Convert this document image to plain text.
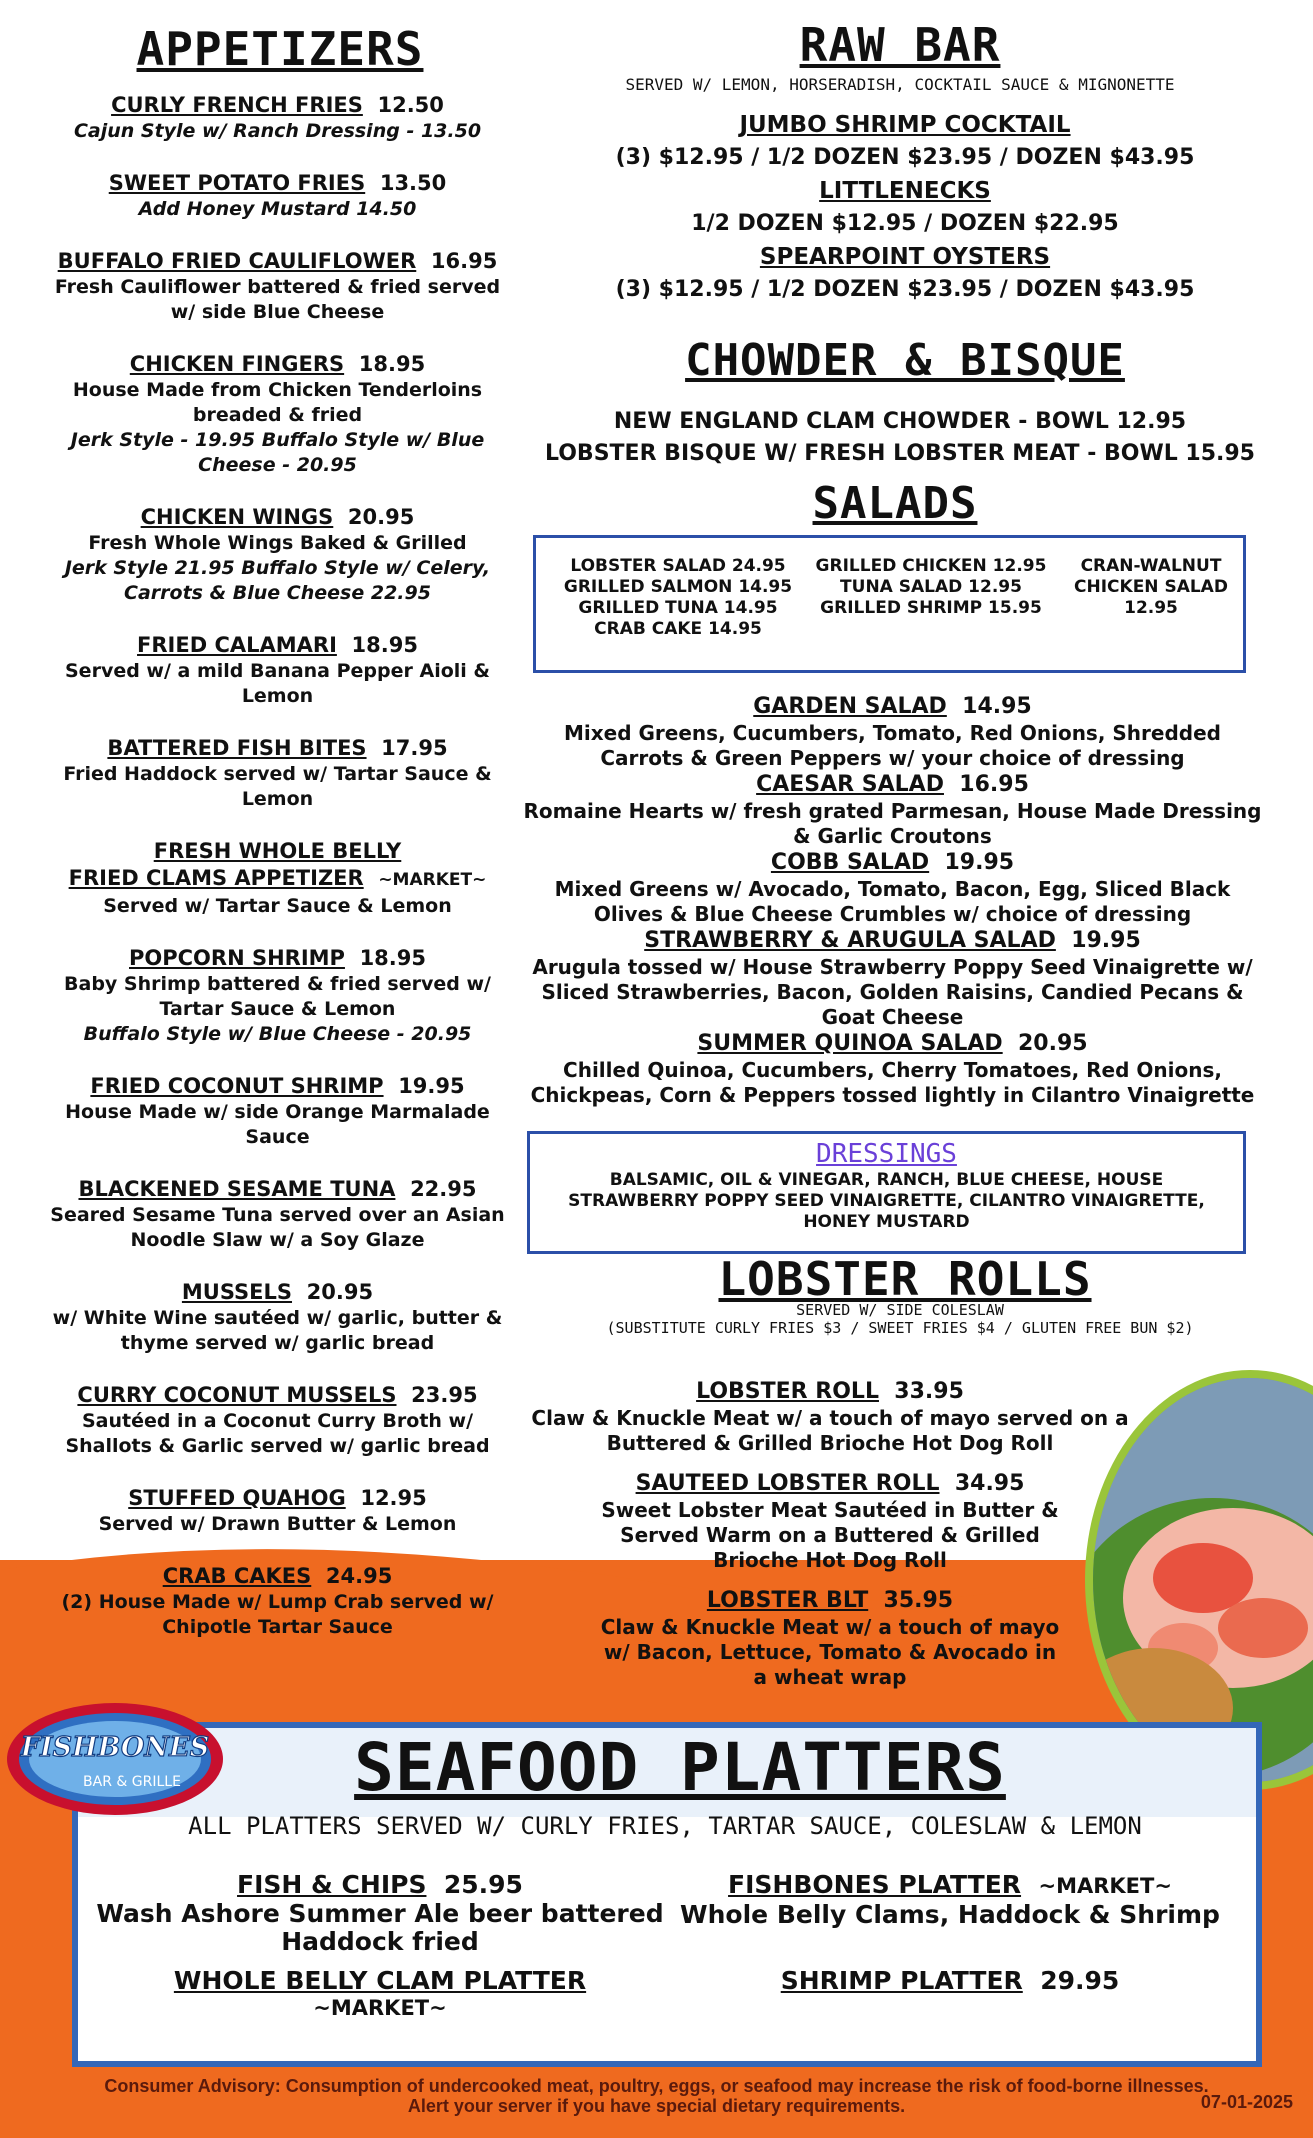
APPETIZERS
CURLY FRENCH FRIES 12.50
Cajun Style w/ Ranch Dressing - 13.50
SWEET POTATO FRIES 13.50
Add Honey Mustard 14.50
BUFFALO FRIED CAULIFLOWER 16.95
Fresh Cauliflower battered & fried served w/ side Blue Cheese
CHICKEN FINGERS 18.95
House Made from Chicken Tenderloins breaded & fried
Jerk Style - 19.95 Buffalo Style w/ Blue Cheese - 20.95
CHICKEN WINGS 20.95
Fresh Whole Wings Baked & Grilled
Jerk Style 21.95 Buffalo Style w/ Celery, Carrots & Blue Cheese 22.95
FRIED CALAMARI 18.95
Served w/ a mild Banana Pepper Aioli & Lemon
BATTERED FISH BITES 17.95
Fried Haddock served w/ Tartar Sauce & Lemon
FRESH WHOLE BELLY
FRIED CLAMS APPETIZER ~MARKET~
Served w/ Tartar Sauce & Lemon
POPCORN SHRIMP 18.95
Baby Shrimp battered & fried served w/ Tartar Sauce & Lemon
Buffalo Style w/ Blue Cheese - 20.95
FRIED COCONUT SHRIMP 19.95
House Made w/ side Orange Marmalade Sauce
BLACKENED SESAME TUNA 22.95
Seared Sesame Tuna served over an Asian Noodle Slaw w/ a Soy Glaze
MUSSELS 20.95
w/ White Wine sautéed w/ garlic, butter & thyme served w/ garlic bread
CURRY COCONUT MUSSELS 23.95
Sautéed in a Coconut Curry Broth w/ Shallots & Garlic served w/ garlic bread
STUFFED QUAHOG 12.95
Served w/ Drawn Butter & Lemon
CRAB CAKES 24.95
(2) House Made w/ Lump Crab served w/ Chipotle Tartar Sauce
RAW BAR
SERVED W/ LEMON, HORSERADISH, COCKTAIL SAUCE & MIGNONETTE
JUMBO SHRIMP COCKTAIL
(3) $12.95 / 1/2 DOZEN $23.95 / DOZEN $43.95
LITTLENECKS
1/2 DOZEN $12.95 / DOZEN $22.95
SPEARPOINT OYSTERS
(3) $12.95 / 1/2 DOZEN $23.95 / DOZEN $43.95
CHOWDER & BISQUE
NEW ENGLAND CLAM CHOWDER - BOWL 12.95
LOBSTER BISQUE W/ FRESH LOBSTER MEAT - BOWL 15.95
SALADS
LOBSTER SALAD 24.95
GRILLED SALMON 14.95
GRILLED TUNA 14.95
CRAB CAKE 14.95
GRILLED CHICKEN 12.95
TUNA SALAD 12.95
GRILLED SHRIMP 15.95
CRAN-WALNUT
CHICKEN SALAD
12.95
GARDEN SALAD 14.95
Mixed Greens, Cucumbers, Tomato, Red Onions, Shredded Carrots & Green Peppers w/ your choice of dressing
CAESAR SALAD 16.95
Romaine Hearts w/ fresh grated Parmesan, House Made Dressing & Garlic Croutons
COBB SALAD 19.95
Mixed Greens w/ Avocado, Tomato, Bacon, Egg, Sliced Black Olives & Blue Cheese Crumbles w/ choice of dressing
STRAWBERRY & ARUGULA SALAD 19.95
Arugula tossed w/ House Strawberry Poppy Seed Vinaigrette w/ Sliced Strawberries, Bacon, Golden Raisins, Candied Pecans & Goat Cheese
SUMMER QUINOA SALAD 20.95
Chilled Quinoa, Cucumbers, Cherry Tomatoes, Red Onions, Chickpeas, Corn & Peppers tossed lightly in Cilantro Vinaigrette
DRESSINGS
BALSAMIC, OIL & VINEGAR, RANCH, BLUE CHEESE, HOUSE STRAWBERRY POPPY SEED VINAIGRETTE, CILANTRO VINAIGRETTE, HONEY MUSTARD
LOBSTER ROLLS
SERVED W/ SIDE COLESLAW
(SUBSTITUTE CURLY FRIES $3 / SWEET FRIES $4 / GLUTEN FREE BUN $2)
LOBSTER ROLL 33.95
Claw & Knuckle Meat w/ a touch of mayo served on a Buttered & Grilled Brioche Hot Dog Roll
SAUTEED LOBSTER ROLL 34.95
Sweet Lobster Meat Sautéed in Butter & Served Warm on a Buttered & Grilled Brioche Hot Dog Roll
LOBSTER BLT 35.95
Claw & Knuckle Meat w/ a touch of mayo w/ Bacon, Lettuce, Tomato & Avocado in a wheat wrap
SEAFOOD PLATTERS
ALL PLATTERS SERVED W/ CURLY FRIES, TARTAR SAUCE, COLESLAW & LEMON
FISH & CHIPS 25.95
Wash Ashore Summer Ale beer battered Haddock fried
FISHBONES PLATTER ~MARKET~
Whole Belly Clams, Haddock & Shrimp
WHOLE BELLY CLAM PLATTER
~MARKET~
SHRIMP PLATTER 29.95
FISHBONES
BAR & GRILLE
Consumer Advisory: Consumption of undercooked meat, poultry, eggs, or seafood may increase the risk of food-borne illnesses.
Alert your server if you have special dietary requirements.	07-01-2025
